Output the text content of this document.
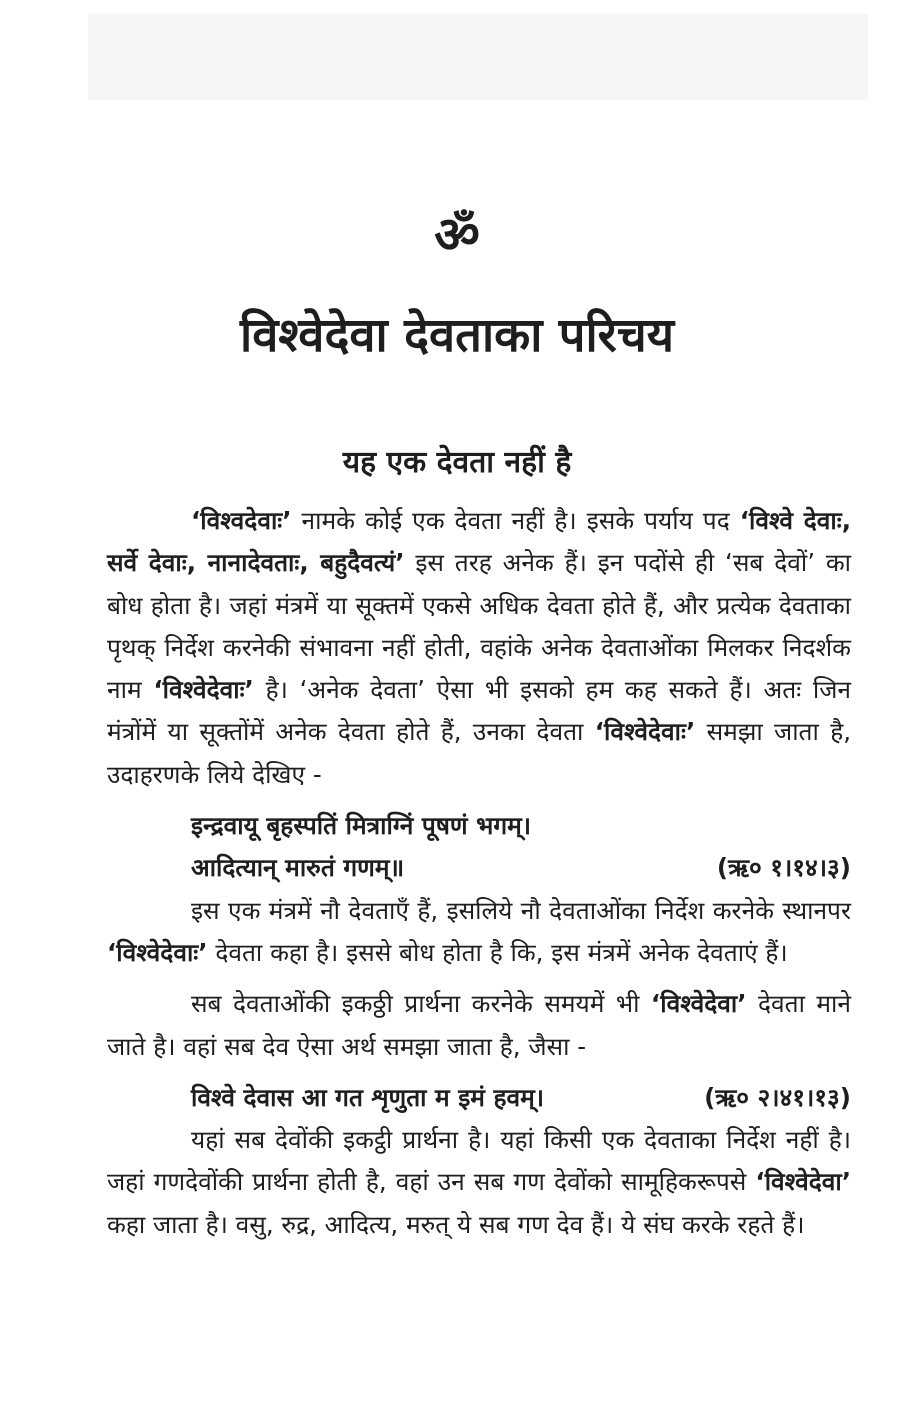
ॐ
विश्वेदेवा देवताका परिचय
यह एक देवता नहीं है

‘विश्वदेवाः’ नामके कोई एक देवता नहीं है। इसके पर्याय पद ‘विश्वे देवाः, सर्वे देवाः, नानादेवताः, बहुदैवत्यं’ इस तरह अनेक हैं। इन पदोंसे ही ‘सब देवों’ का बोध होता है। जहां मंत्रमें या सूक्तमें एकसे अधिक देवता होते हैं, और प्रत्येक देवताका पृथक् निर्देश करनेकी संभावना नहीं होती, वहांके अनेक देवताओंका मिलकर निदर्शक नाम ‘विश्वेदेवाः’ है। ‘अनेक देवता’ ऐसा भी इसको हम कह सकते हैं। अतः जिन मंत्रोंमें या सूक्तोंमें अनेक देवता होते हैं, उनका देवता ‘विश्वेदेवाः’ समझा जाता है, उदाहरणके लिये देखिए -

इन्द्रवायू बृहस्पतिं मित्राग्निं पूषणं भगम्।
आदित्यान् मारुतं गणम्॥	(ऋ० १।१४।३)

इस एक मंत्रमें नौ देवताएँ हैं, इसलिये नौ देवताओंका निर्देश करनेके स्थानपर ‘विश्वेदेवाः’ देवता कहा है। इससे बोध होता है कि, इस मंत्रमें अनेक देवताएं हैं।

सब देवताओंकी इकठ्ठी प्रार्थना करनेके समयमें भी ‘विश्वेदेवा’ देवता माने जाते है। वहां सब देव ऐसा अर्थ समझा जाता है, जैसा -

विश्वे देवास आ गत शृणुता म इमं हवम्।	(ऋ० २।४१।१३)

यहां सब देवोंकी इकट्ठी प्रार्थना है। यहां किसी एक देवताका निर्देश नहीं है। जहां गणदेवोंकी प्रार्थना होती है, वहां उन सब गण देवोंको सामूहिकरूपसे ‘विश्वेदेवा’ कहा जाता है। वसु, रुद्र, आदित्य, मरुत् ये सब गण देव हैं। ये संघ करके रहते हैं।
